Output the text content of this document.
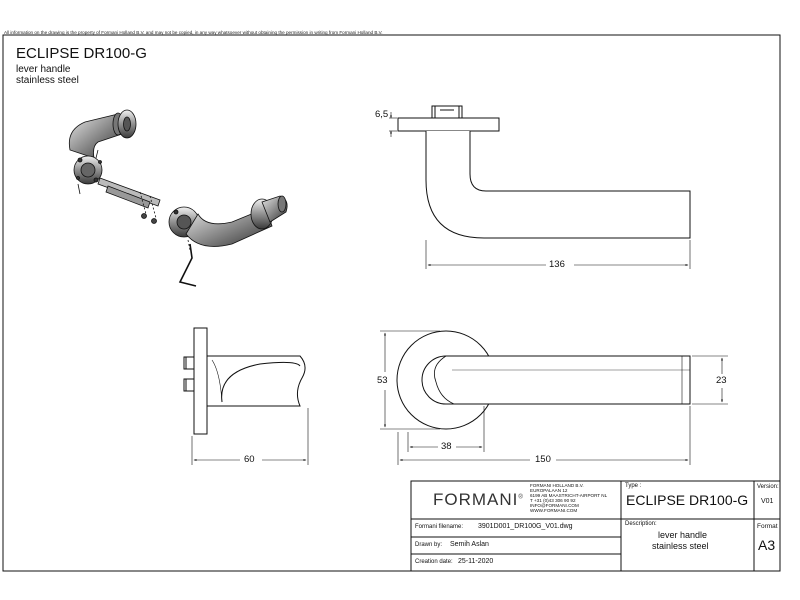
All information on the drawing is the property of Formani Holland B.V. and may not be copied, in any way whatsoever without obtaining the permission in writing from Formani Holland B.V.
ECLIPSE DR100-G
lever handle
stainless steel
6,5
136
60
53	23
38
150
FORMANI®
FORMANI HOLLAND B.V.
EUROPALAAN 12
6199 AB MAASTRICHT-AIRPORT NL
T +31 (0)43 306 90 92
INFO@FORMANI.COM
WWW.FORMANI.COM
Type :
ECLIPSE DR100-G
Version:
V01
Formani filename: 3901D001_DR100G_V01.dwg	Description:
lever handle
stainless steel
Drawn by: Semih Aslan
Creation date: 25-11-2020
Format
A3
